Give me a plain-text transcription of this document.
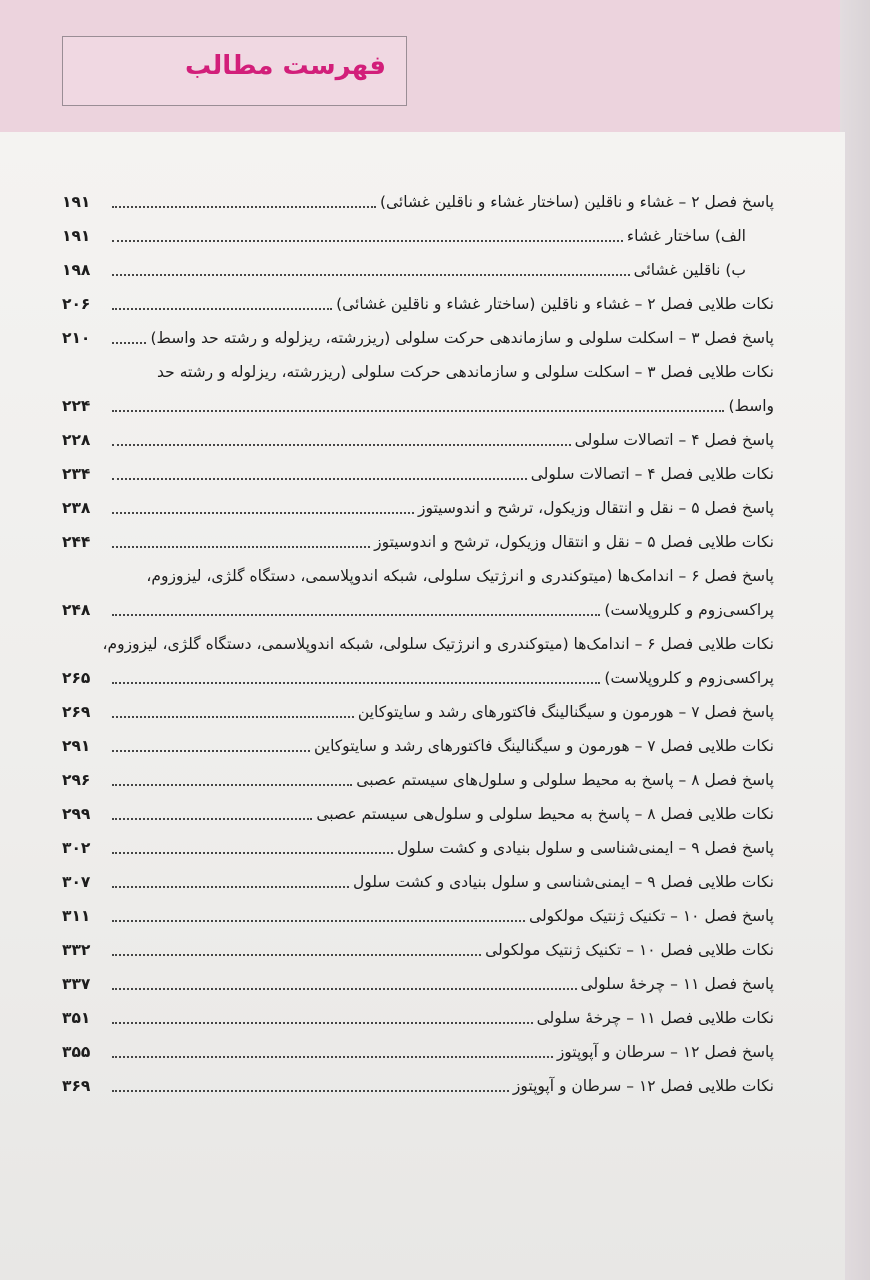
فهرست مطالب
پاسخ فصل ۲ – غشاء و ناقلین (ساختار غشاء و ناقلین غشائی)
۱۹۱
الف) ساختار غشاء
۱۹۱
ب) ناقلین غشائی
۱۹۸
نکات طلایی فصل ۲ – غشاء و ناقلین (ساختار غشاء و ناقلین غشائی)
۲۰۶
پاسخ فصل ۳ – اسکلت سلولی و سازماندهی حرکت سلولی (ریزرشته، ریزلوله و رشته حد واسط)
۲۱۰
نکات طلایی فصل ۳ – اسکلت سلولی و سازماندهی حرکت سلولی (ریزرشته، ریزلوله و رشته حد
واسط)
۲۲۴
پاسخ فصل ۴ – اتصالات سلولی
۲۲۸
نکات طلایی فصل ۴ – اتصالات سلولی
۲۳۴
پاسخ فصل ۵ – نقل و انتقال وزیکول، ترشح و اندوسیتوز
۲۳۸
نکات طلایی فصل ۵ – نقل و انتقال وزیکول، ترشح و اندوسیتوز
۲۴۴
پاسخ فصل ۶ – اندامک‌ها (میتوکندری و انرژتیک سلولی، شبکه اندوپلاسمی، دستگاه گلژی، لیزوزوم،
پراکسی‌زوم و کلروپلاست)
۲۴۸
نکات طلایی فصل ۶ – اندامک‌ها (میتوکندری و انرژتیک سلولی، شبکه اندوپلاسمی، دستگاه گلژی، لیزوزوم،
پراکسی‌زوم و کلروپلاست)
۲۶۵
پاسخ فصل ۷ – هورمون و سیگنالینگ فاکتورهای رشد و سایتوکاین
۲۶۹
نکات طلایی فصل ۷ – هورمون و سیگنالینگ فاکتورهای رشد و سایتوکاین
۲۹۱
پاسخ فصل ۸ – پاسخ به محیط سلولی و سلول‌های سیستم عصبی
۲۹۶
نکات طلایی فصل ۸ – پاسخ به محیط سلولی و سلول‌هی سیستم عصبی
۲۹۹
پاسخ فصل ۹ – ایمنی‌شناسی و سلول بنیادی و کشت سلول
۳۰۲
نکات طلایی فصل ۹ – ایمنی‌شناسی و سلول بنیادی و کشت سلول
۳۰۷
پاسخ فصل ۱۰ – تکنیک ژنتیک مولکولی
۳۱۱
نکات طلایی فصل ۱۰ – تکنیک ژنتیک مولکولی
۳۳۲
پاسخ فصل ۱۱ – چرخهٔ سلولی
۳۳۷
نکات طلایی فصل ۱۱ – چرخهٔ سلولی
۳۵۱
پاسخ فصل ۱۲ – سرطان و آپوپتوز
۳۵۵
نکات طلایی فصل ۱۲ – سرطان و آپوپتوز
۳۶۹
